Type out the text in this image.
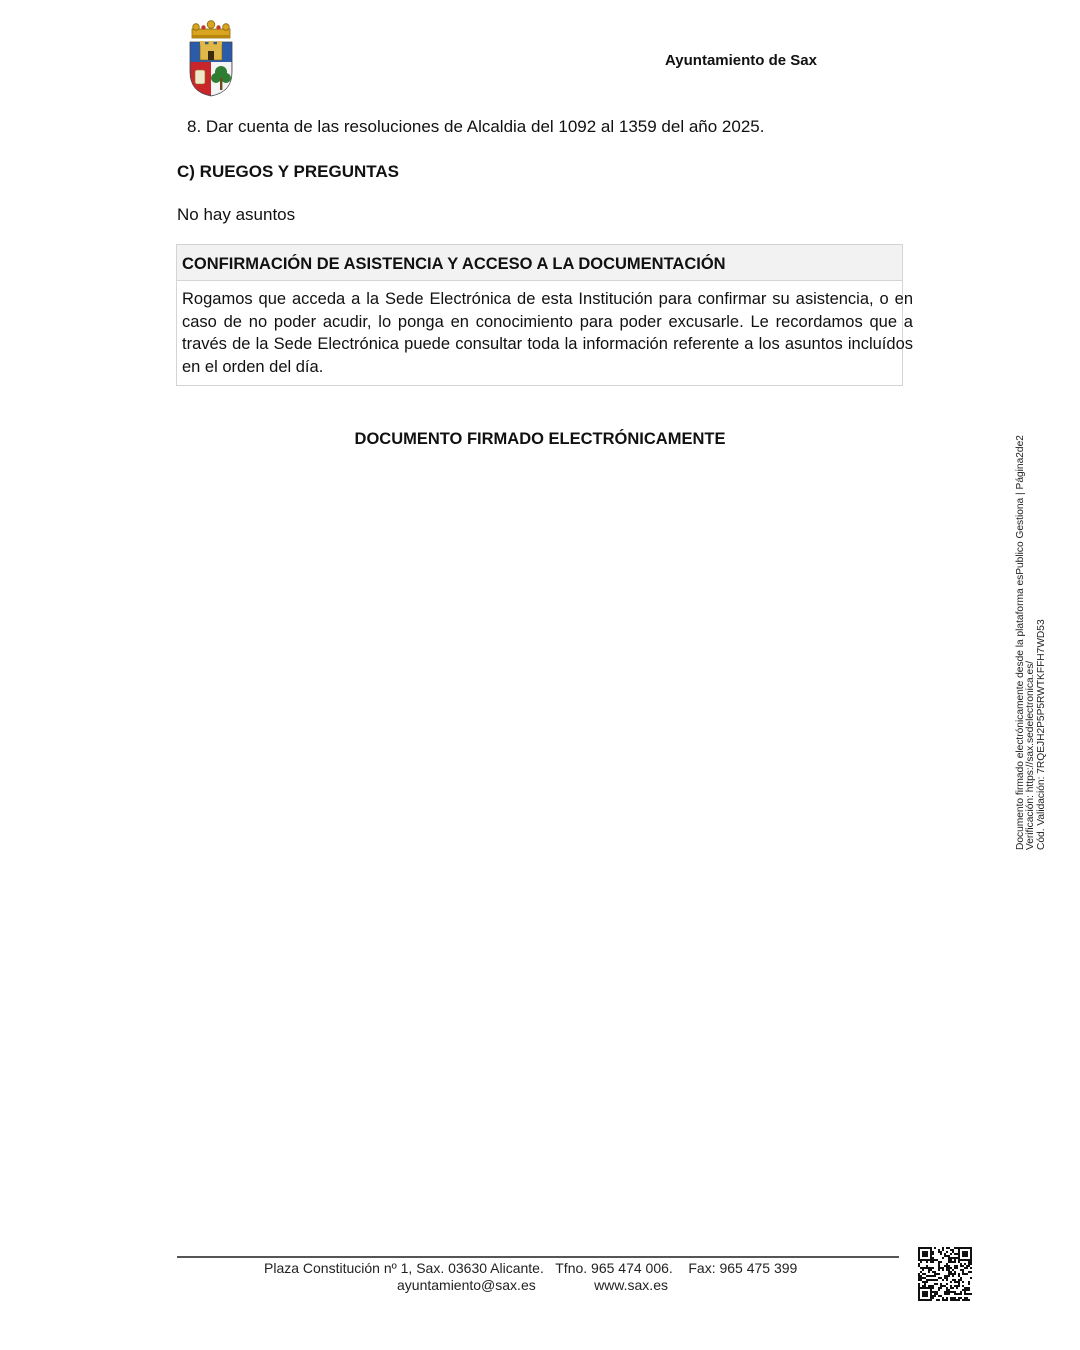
Ayuntamiento de Sax
8. Dar cuenta de las resoluciones de Alcaldia del 1092 al 1359 del año 2025.
C) RUEGOS Y PREGUNTAS
No hay asuntos
CONFIRMACIÓN DE ASISTENCIA Y ACCESO A LA DOCUMENTACIÓN
Rogamos que acceda a la Sede Electrónica de esta Institución para confirmar su asistencia, o en caso de no poder acudir, lo ponga en conocimiento para poder excusarle. Le recordamos que a través de la Sede Electrónica puede consultar toda la información referente a los asuntos incluídos en el orden del día.
DOCUMENTO FIRMADO ELECTRÓNICAMENTE
Plaza Constitución nº 1, Sax. 03630 Alicante.   Tfno. 965 474 006.    Fax: 965 475 399
ayuntamiento@sax.es               www.sax.es
Documento firmado electrónicamente desde la plataforma esPublico Gestiona | Página2de2 Verificación: https://sax.sedelectronica.es/ Cód. Validación: 7RQEJH2P5P5RWTKFFH7WD53
